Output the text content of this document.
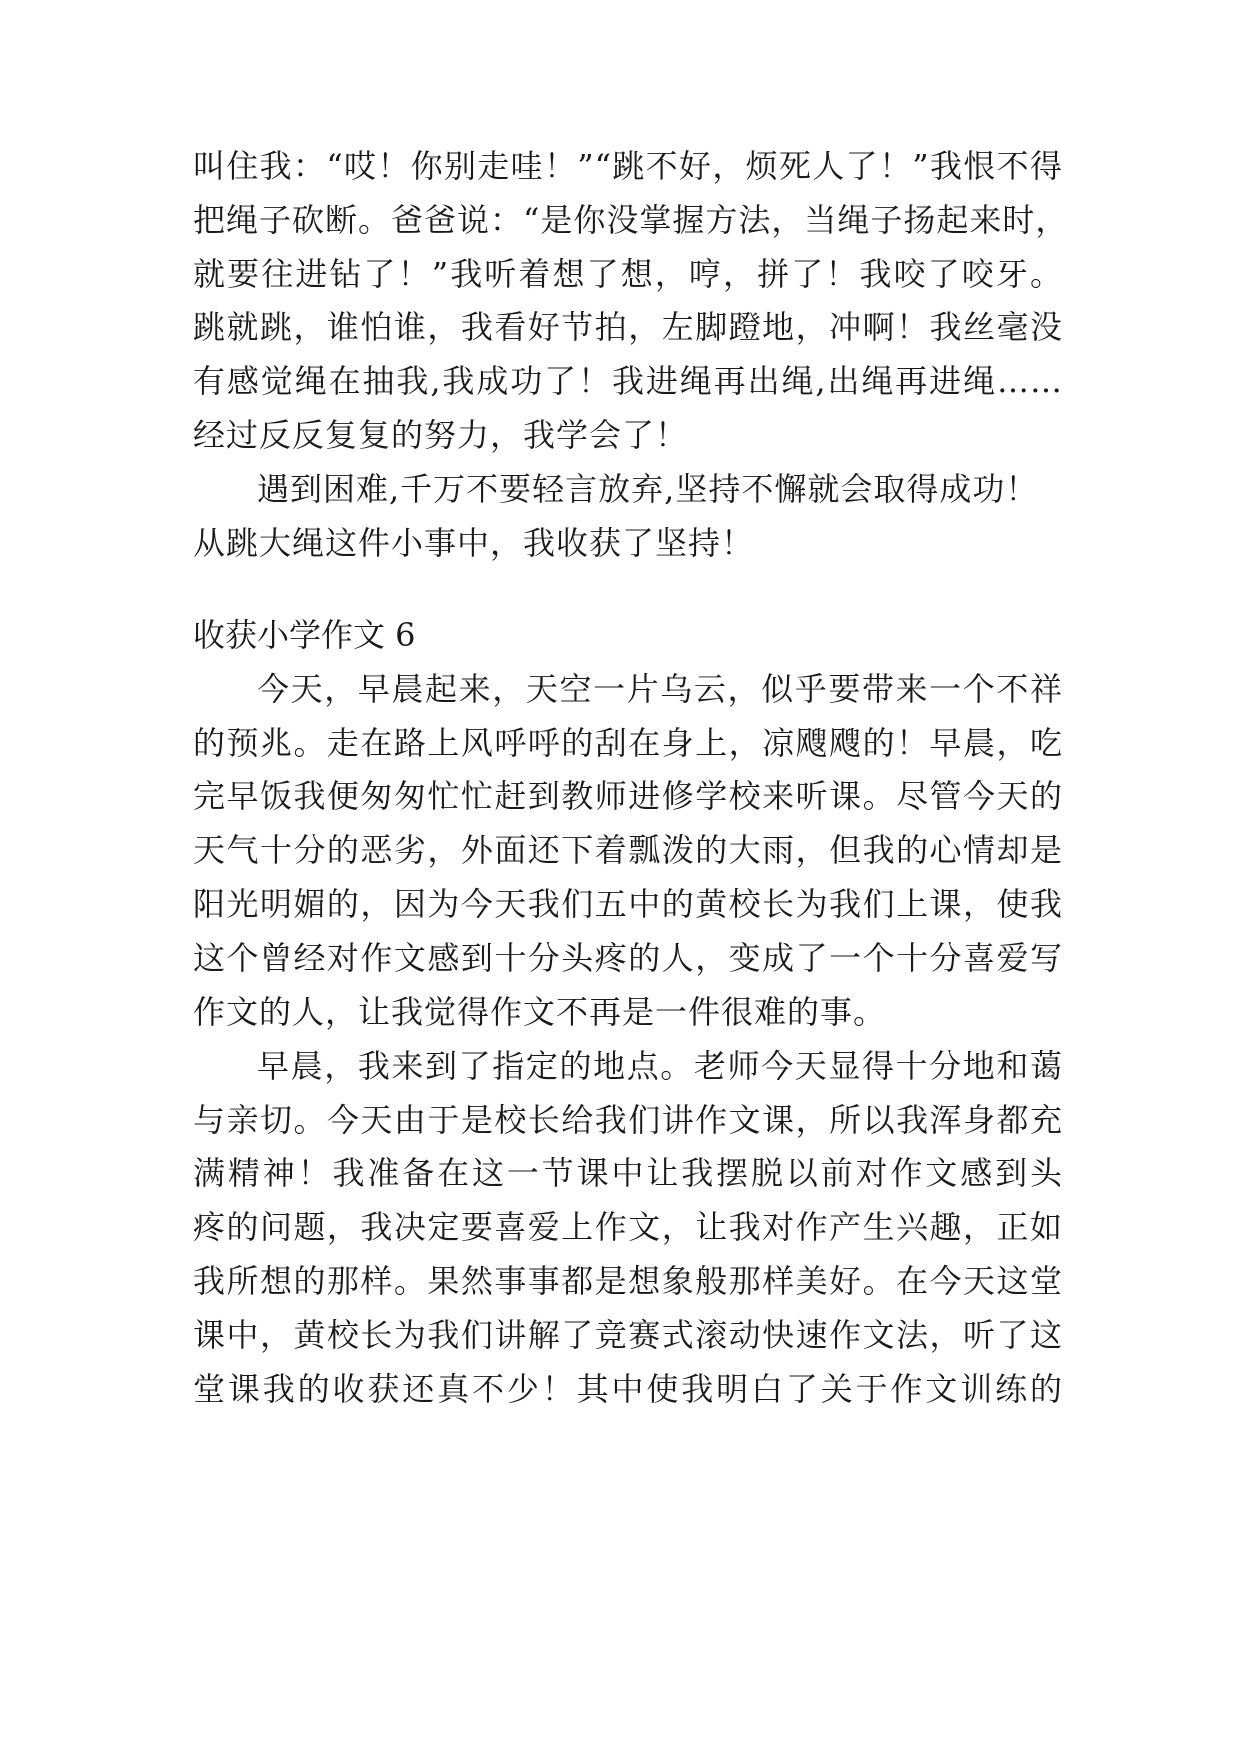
叫住我：“哎！你别走哇！”“跳不好，烦死人了！”我恨不得
把绳子砍断。爸爸说：“是你没掌握方法，当绳子扬起来时，
就要往进钻了！”我听着想了想，哼，拼了！我咬了咬牙。
跳就跳，谁怕谁，我看好节拍，左脚蹬地，冲啊！我丝毫没
有感觉绳在抽我,我成功了！我进绳再出绳,出绳再进绳……
经过反反复复的努力，我学会了！
遇到困难,千万不要轻言放弃,坚持不懈就会取得成功！
从跳大绳这件小事中，我收获了坚持！
收获小学作文 6
今天，早晨起来，天空一片乌云，似乎要带来一个不祥
的预兆。走在路上风呼呼的刮在身上，凉飕飕的！早晨，吃
完早饭我便匆匆忙忙赶到教师进修学校来听课。尽管今天的
天气十分的恶劣，外面还下着瓢泼的大雨，但我的心情却是
阳光明媚的，因为今天我们五中的黄校长为我们上课，使我
这个曾经对作文感到十分头疼的人，变成了一个十分喜爱写
作文的人，让我觉得作文不再是一件很难的事。
早晨，我来到了指定的地点。老师今天显得十分地和蔼
与亲切。今天由于是校长给我们讲作文课，所以我浑身都充
满精神！我准备在这一节课中让我摆脱以前对作文感到头
疼的问题，我决定要喜爱上作文，让我对作产生兴趣，正如
我所想的那样。果然事事都是想象般那样美好。在今天这堂
课中，黄校长为我们讲解了竞赛式滚动快速作文法，听了这
堂课我的收获还真不少！其中使我明白了关于作文训练的
